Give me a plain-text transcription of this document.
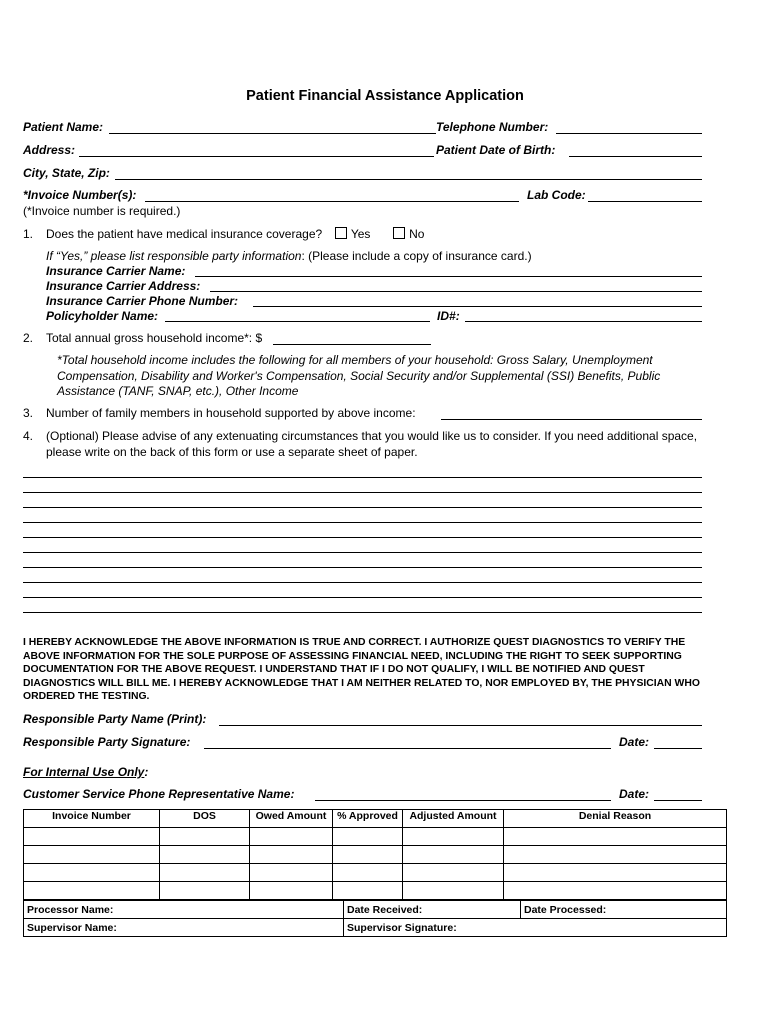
Patient Financial Assistance Application
Patient Name:	Telephone Number:
Address:	Patient Date of Birth:
City, State, Zip:
*Invoice Number(s):	Lab Code:
(*Invoice number is required.)
1. Does the patient have medical insurance coverage? Yes	No
If “Yes,” please list responsible party information: (Please include a copy of insurance card.)
Insurance Carrier Name:
Insurance Carrier Address:
Insurance Carrier Phone Number:
Policyholder Name:	ID#:
2. Total annual gross household income*: $
*Total household income includes the following for all members of your household: Gross Salary, Unemployment Compensation, Disability and Worker's Compensation, Social Security and/or Supplemental (SSI) Benefits, Public Assistance (TANF, SNAP, etc.), Other Income
3. Number of family members in household supported by above income:
4. (Optional) Please advise of any extenuating circumstances that you would like us to consider. If you need additional space, please write on the back of this form or use a separate sheet of paper.
I HEREBY ACKNOWLEDGE THE ABOVE INFORMATION IS TRUE AND CORRECT. I AUTHORIZE QUEST DIAGNOSTICS TO VERIFY THE ABOVE INFORMATION FOR THE SOLE PURPOSE OF ASSESSING FINANCIAL NEED, INCLUDING THE RIGHT TO SEEK SUPPORTING DOCUMENTATION FOR THE ABOVE REQUEST. I UNDERSTAND THAT IF I DO NOT QUALIFY, I WILL BE NOTIFIED AND QUEST DIAGNOSTICS WILL BILL ME. I HEREBY ACKNOWLEDGE THAT I AM NEITHER RELATED TO, NOR EMPLOYED BY, THE PHYSICIAN WHO ORDERED THE TESTING.
Responsible Party Name (Print):
Responsible Party Signature:	Date:
For Internal Use Only:
Customer Service Phone Representative Name:	Date:
Invoice Number	DOS	Owed Amount	% Approved	Adjusted Amount	Denial Reason

Processor Name:	Date Received:	Date Processed:
Supervisor Name:	Supervisor Signature:	
